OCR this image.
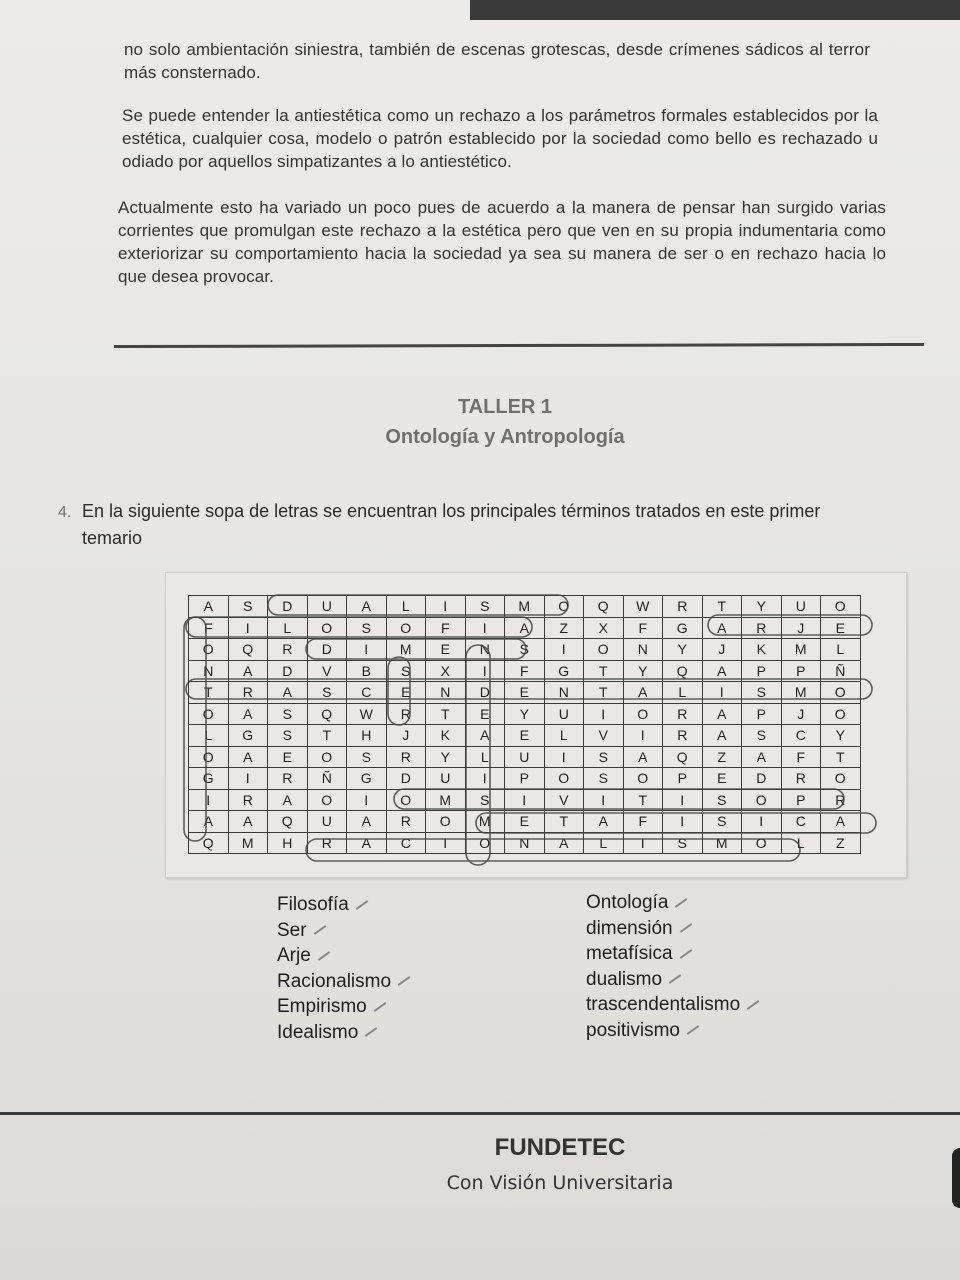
no solo ambientación siniestra, también de escenas grotescas, desde crímenes sádicos al terror más consternado.
Se puede entender la antiestética como un rechazo a los parámetros formales establecidos por la estética, cualquier cosa, modelo o patrón establecido por la sociedad como bello es rechazado u odiado por aquellos simpatizantes a lo antiestético.
Actualmente esto ha variado un poco pues de acuerdo a la manera de pensar han surgido varias corrientes que promulgan este rechazo a la estética pero que ven en su propia indumentaria como exteriorizar su comportamiento hacia la sociedad ya sea su manera de ser o en rechazo hacia lo que desea provocar.
TALLER 1
Ontología y Antropología
4. En la siguiente sopa de letras se encuentran los principales términos tratados en este primer temario
A	S	D	U	A	L	I	S	M	O	Q	W	R	T	Y	U	O
F	I	L	O	S	O	F	I	A	Z	X	F	G	A	R	J	E
O	Q	R	D	I	M	E	N	S	I	O	N	Y	J	K	M	L
N	A	D	V	B	S	X	I	F	G	T	Y	Q	A	P	P	Ñ
T	R	A	S	C	E	N	D	E	N	T	A	L	I	S	M	O
O	A	S	Q	W	R	T	E	Y	U	I	O	R	A	P	J	O
L	G	S	T	H	J	K	A	E	L	V	I	R	A	S	C	Y
O	A	E	O	S	R	Y	L	U	I	S	A	Q	Z	A	F	T
G	I	R	Ñ	G	D	U	I	P	O	S	O	P	E	D	R	O
I	R	A	O	I	O	M	S	I	V	I	T	I	S	O	P	R
A	A	Q	U	A	R	O	M	E	T	A	F	I	S	I	C	A
Q	M	H	R	A	C	I	O	N	A	L	I	S	M	O	L	Z
Filosofía
Ser
Arje
Racionalismo
Empirismo
Idealismo
Ontología
dimensión
metafísica
dualismo
trascendentalismo
positivismo
FUNDETEC
Con Visión Universitaria
